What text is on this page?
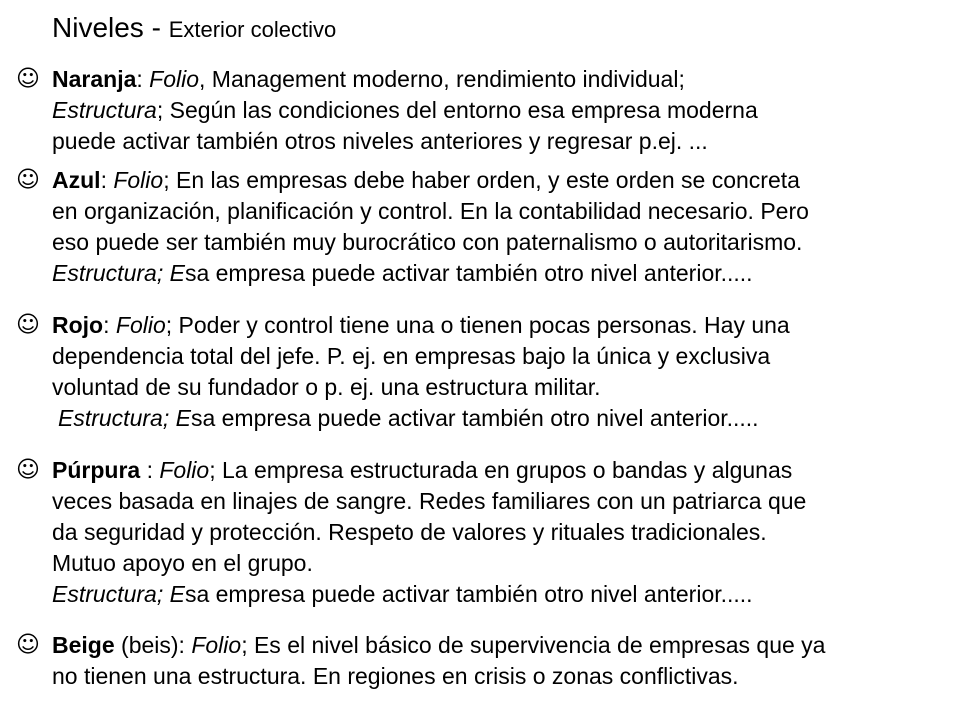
Niveles - Exterior colectivo
☺ Naranja: Folio, Management moderno, rendimiento individual;
Estructura; Según las condiciones del entorno esa empresa moderna
puede activar también otros niveles anteriores y regresar p.ej. ...
☺ Azul: Folio; En las empresas debe haber orden, y este orden se concreta
en organización, planificación y control. En la contabilidad necesario. Pero
eso puede ser también muy burocrático con paternalismo o autoritarismo.
Estructura; Esa empresa puede activar también otro nivel anterior.....
☺ Rojo: Folio; Poder y control tiene una o tienen pocas personas. Hay una
dependencia total del jefe. P. ej. en empresas bajo la única y exclusiva
voluntad de su fundador o p. ej. una estructura militar.
Estructura; Esa empresa puede activar también otro nivel anterior.....
☺ Púrpura : Folio; La empresa estructurada en grupos o bandas y algunas
veces basada en linajes de sangre. Redes familiares con un patriarca que
da seguridad y protección. Respeto de valores y rituales tradicionales.
Mutuo apoyo en el grupo.
Estructura; Esa empresa puede activar también otro nivel anterior.....
☺ Beige (beis): Folio; Es el nivel básico de supervivencia de empresas que ya
no tienen una estructura. En regiones en crisis o zonas conflictivas.
